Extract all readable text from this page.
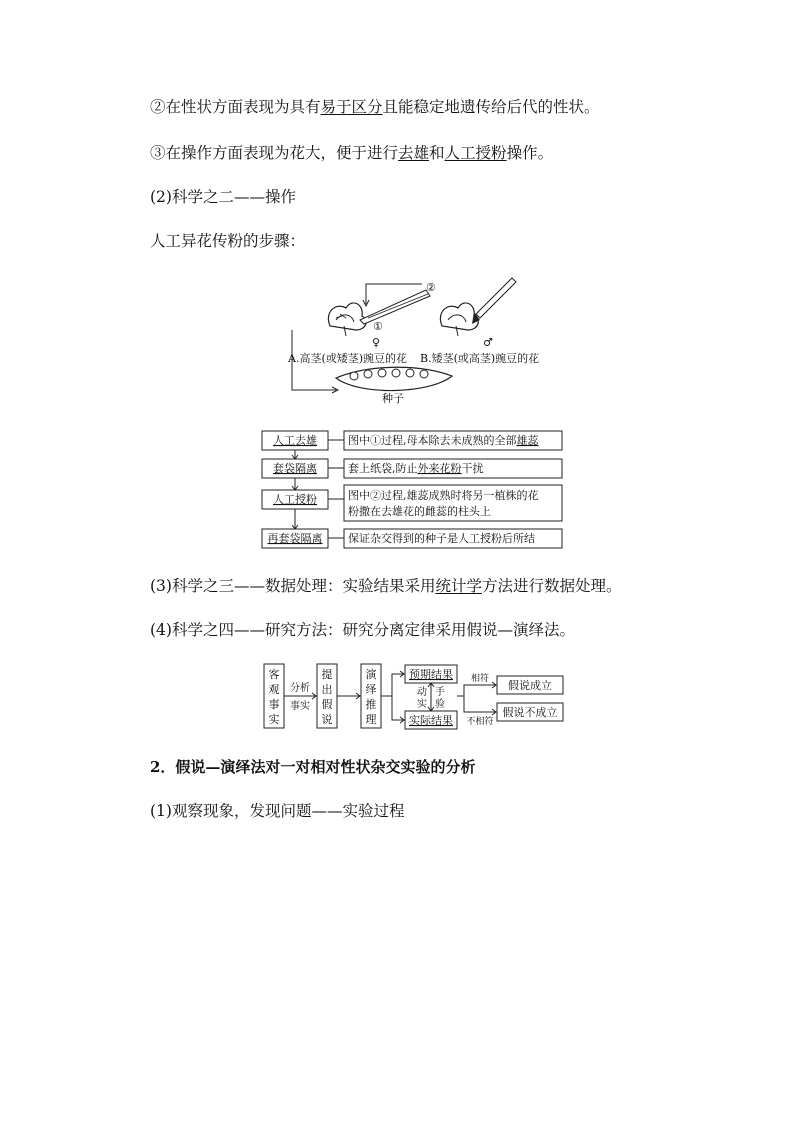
②在性状方面表现为具有易于区分且能稳定地遗传给后代的性状。
③在操作方面表现为花大，便于进行去雄和人工授粉操作。
(2)科学之二——操作
人工异花传粉的步骤：
①
②
♀	♂
A.高茎(或矮茎)豌豆的花 B.矮茎(或高茎)豌豆的花
种子
人工去雄
套袋隔离
人工授粉
再套袋隔离
图中①过程,母本除去未成熟的全部雄蕊
套上纸袋,防止外来花粉干扰
图中②过程,雄蕊成熟时将另一植株的花
粉撒在去雄花的雌蕊的柱头上
保证杂交得到的种子是人工授粉后所结
(3)科学之三——数据处理：实验结果采用统计学方法进行数据处理。
(4)科学之四——研究方法：研究分离定律采用假说—演绎法。
客
观
事
实
分析
事实
提
出
假
说
演
绎
推
理
预期结果
实际结果
动
实
手
验
相符
不相符
假说成立
假说不成立
2．假说—演绎法对一对相对性状杂交实验的分析
(1)观察现象，发现问题——实验过程
